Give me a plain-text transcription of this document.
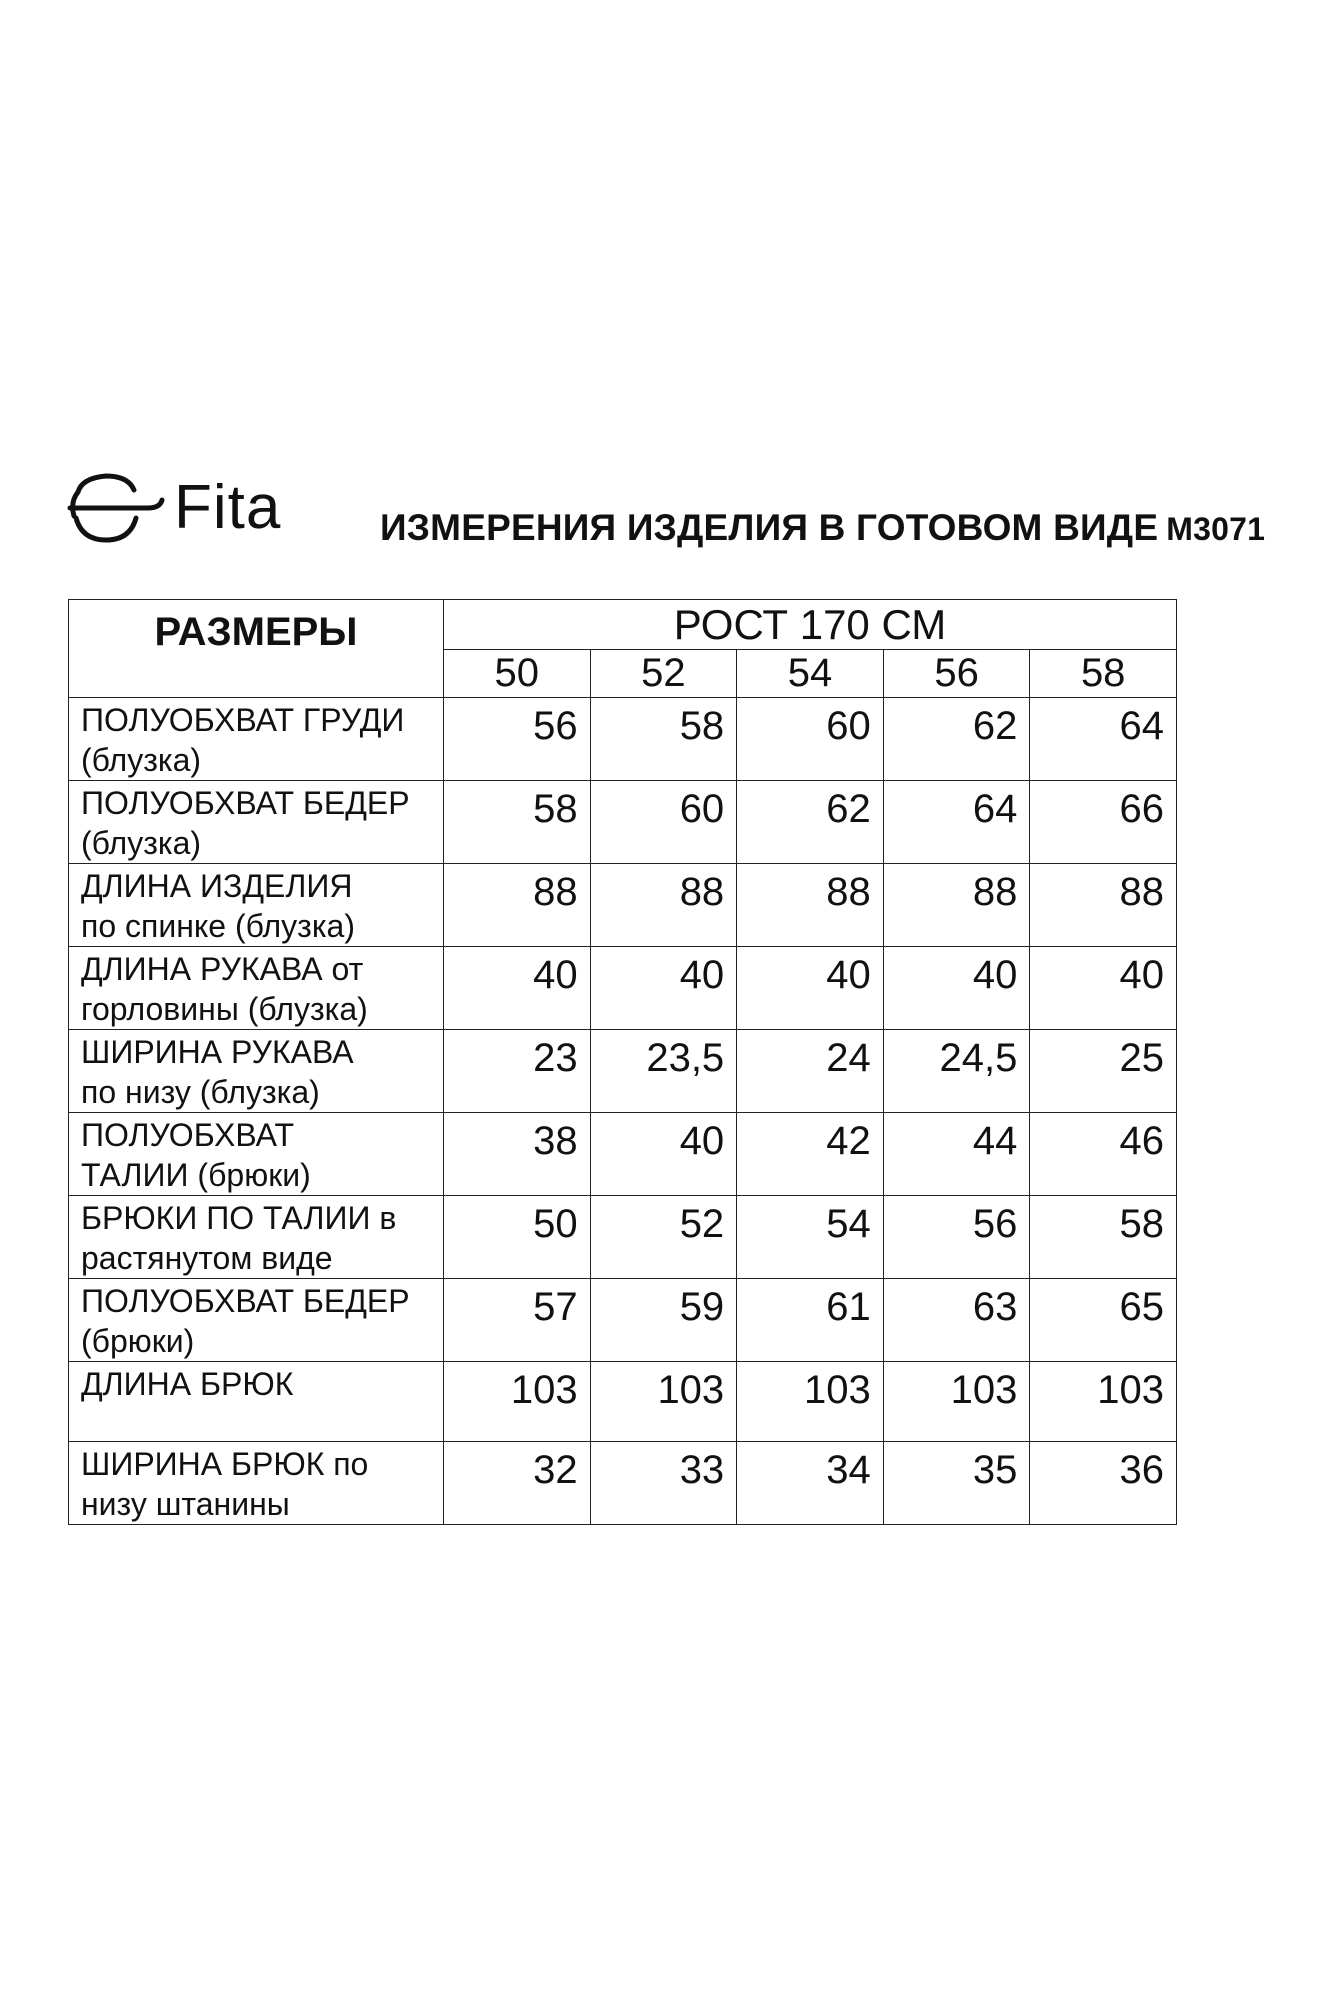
Fita	ИЗМЕРЕНИЯ ИЗДЕЛИЯ В ГОТОВОМ ВИДЕ M3071
РАЗМЕРЫ	РОСТ 170 СМ				
	50	52	54	56	58
ПОЛУОБХВАТ ГРУДИ
(блузка)	56	58	60	62	64
ПОЛУОБХВАТ БЕДЕР
(блузка)	58	60	62	64	66
ДЛИНА ИЗДЕЛИЯ
по спинке (блузка)	88	88	88	88	88
ДЛИНА РУКАВА от
горловины (блузка)	40	40	40	40	40
ШИРИНА РУКАВА
по низу (блузка)	23	23,5	24	24,5	25
ПОЛУОБХВАТ
ТАЛИИ (брюки)	38	40	42	44	46
БРЮКИ ПО ТАЛИИ в
растянутом виде	50	52	54	56	58
ПОЛУОБХВАТ БЕДЕР
(брюки)	57	59	61	63	65
ДЛИНА БРЮК	103	103	103	103	103
ШИРИНА БРЮК по
низу штанины	32	33	34	35	36
